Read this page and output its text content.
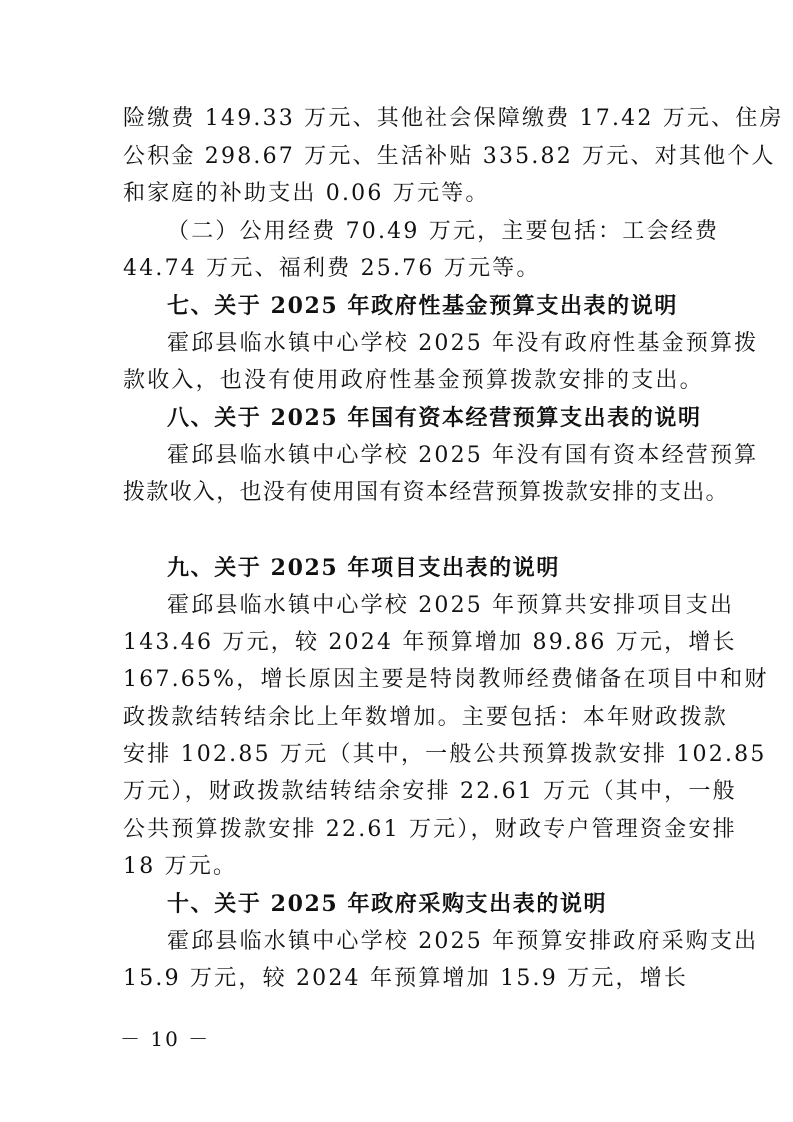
险缴费 149.33 万元、其他社会保障缴费 17.42 万元、住房
公积金 298.67 万元、生活补贴 335.82 万元、对其他个人
和家庭的补助支出 0.06 万元等。
（二）公用经费 70.49 万元，主要包括：工会经费
44.74 万元、福利费 25.76 万元等。
七、关于 2025 年政府性基金预算支出表的说明
霍邱县临水镇中心学校 2025 年没有政府性基金预算拨
款收入，也没有使用政府性基金预算拨款安排的支出。
八、关于 2025 年国有资本经营预算支出表的说明
霍邱县临水镇中心学校 2025 年没有国有资本经营预算
拨款收入，也没有使用国有资本经营预算拨款安排的支出。
九、关于 2025 年项目支出表的说明
霍邱县临水镇中心学校 2025 年预算共安排项目支出
143.46 万元，较 2024 年预算增加 89.86 万元，增长
167.65%，增长原因主要是特岗教师经费储备在项目中和财
政拨款结转结余比上年数增加。主要包括：本年财政拨款
安排 102.85 万元（其中，一般公共预算拨款安排 102.85
万元），财政拨款结转结余安排 22.61 万元（其中，一般
公共预算拨款安排 22.61 万元），财政专户管理资金安排
18 万元。
十、关于 2025 年政府采购支出表的说明
霍邱县临水镇中心学校 2025 年预算安排政府采购支出
15.9 万元，较 2024 年预算增加 15.9 万元，增长
－ 10 －
